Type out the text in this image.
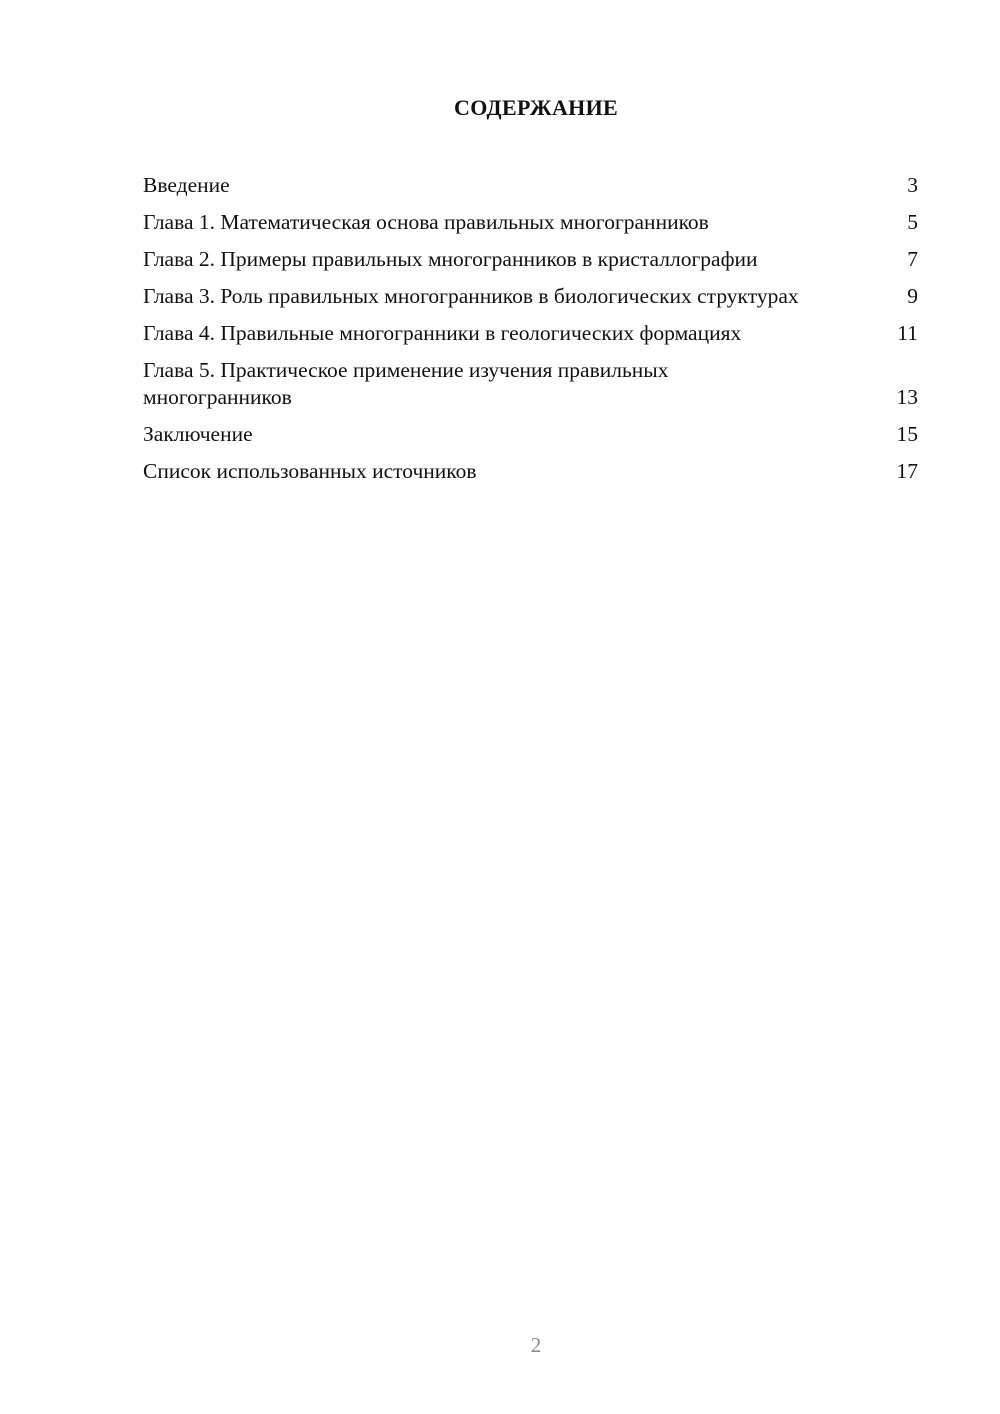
СОДЕРЖАНИЕ
Введение	3
Глава 1. Математическая основа правильных многогранников	5
Глава 2. Примеры правильных многогранников в кристаллографии	7
Глава 3. Роль правильных многогранников в биологических структурах	9
Глава 4. Правильные многогранники в геологических формациях	11
Глава 5. Практическое применение изучения правильных многогранников	13
Заключение	15
Список использованных источников	17
2
